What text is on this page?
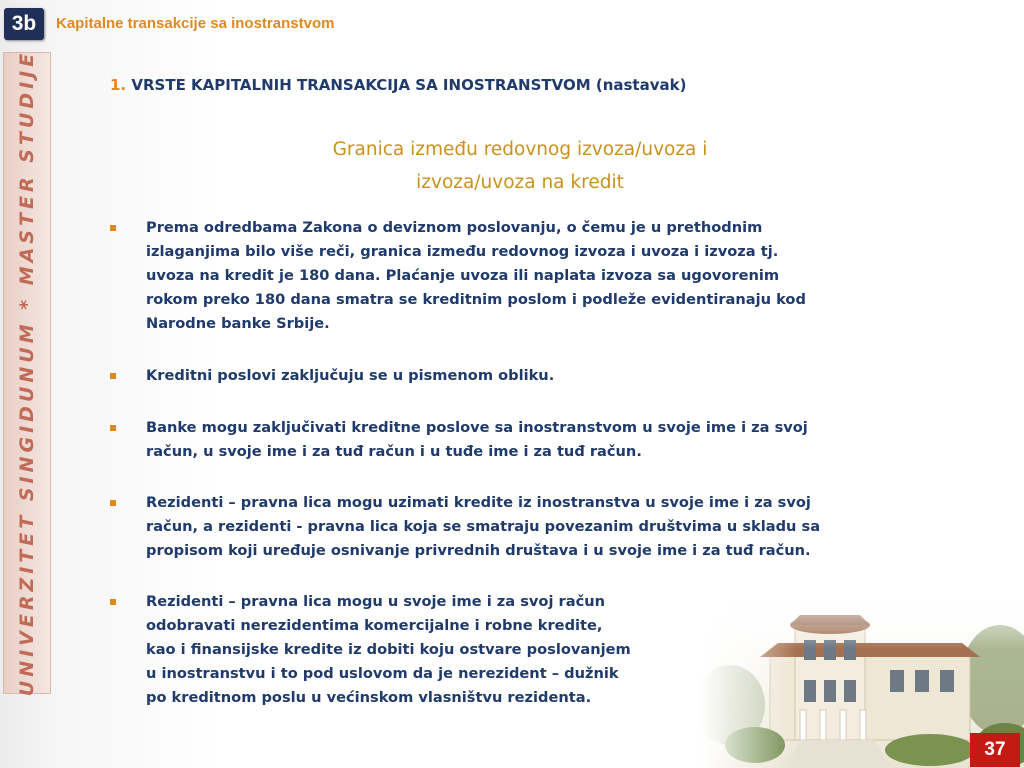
3b	Kapitalne transakcije sa inostranstvom
UNIVERZITET SINGIDUNUM * MASTER STUDIJE	1. VRSTE KAPITALNIH TRANSAKCIJA SA INOSTRANSTVOM (nastavak)
Granica između redovnog izvoza/uvoza i
izvoza/uvoza na kredit
Prema odredbama Zakona o deviznom poslovanju, o čemu je u prethodnim
izlaganjima bilo više reči, granica između redovnog izvoza i uvoza i izvoza tj.
uvoza na kredit je 180 dana. Plaćanje uvoza ili naplata izvoza sa ugovorenim
rokom preko 180 dana smatra se kreditnim poslom i podleže evidentiranaju kod
Narodne banke Srbije.
Kreditni poslovi zaključuju se u pismenom obliku.
Banke mogu zaključivati kreditne poslove sa inostranstvom u svoje ime i za svoj
račun, u svoje ime i za tuđ račun i u tuđe ime i za tuđ račun.
Rezidenti – pravna lica mogu uzimati kredite iz inostranstva u svoje ime i za svoj
račun, a rezidenti - pravna lica koja se smatraju povezanim društvima u skladu sa
propisom koji uređuje osnivanje privrednih društava i u svoje ime i za tuđ račun.
Rezidenti – pravna lica mogu u svoje ime i za svoj račun
odobravati nerezidentima komercijalne i robne kredite,
kao i finansijske kredite iz dobiti koju ostvare poslovanjem
u inostranstvu i to pod uslovom da je nerezident – dužnik
po kreditnom poslu u većinskom vlasništvu rezidenta.
37
